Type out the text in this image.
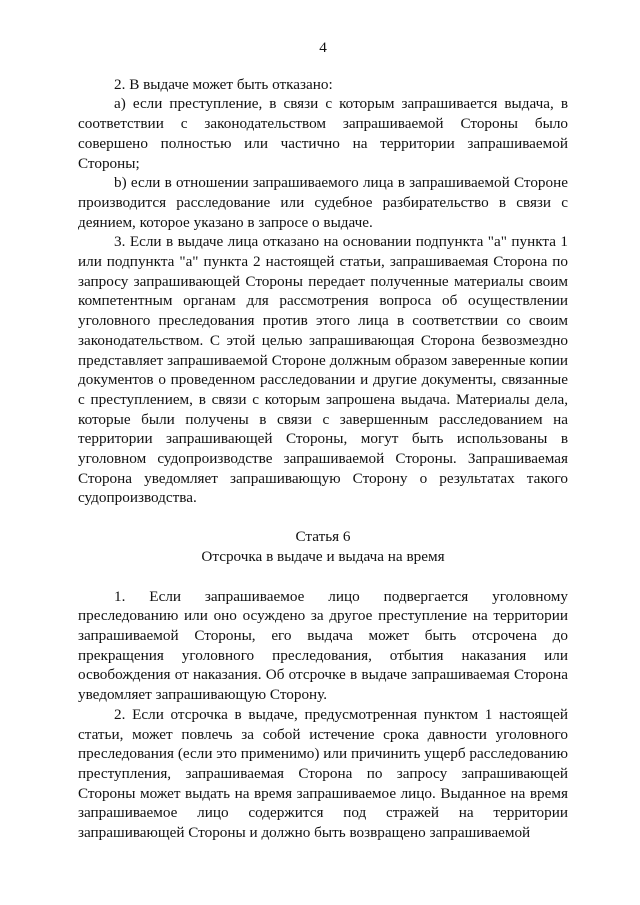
4

2. В выдаче может быть отказано:

а) если преступление, в связи с которым запрашивается выдача, в соответствии с законодательством запрашиваемой Стороны было совершено полностью или частично на территории запрашиваемой Стороны;

b) если в отношении запрашиваемого лица в запрашиваемой Стороне производится расследование или судебное разбирательство в связи с деянием, которое указано в запросе о выдаче.

3. Если в выдаче лица отказано на основании подпункта "а" пункта 1 или подпункта "а" пункта 2 настоящей статьи, запрашиваемая Сторона по запросу запрашивающей Стороны передает полученные материалы своим компетентным органам для рассмотрения вопроса об осуществлении уголовного преследования против этого лица в соответствии со своим законодательством. С этой целью запрашивающая Сторона безвозмездно представляет запрашиваемой Стороне должным образом заверенные копии документов о проведенном расследовании и другие документы, связанные с преступлением, в связи с которым запрошена выдача. Материалы дела, которые были получены в связи с завершенным расследованием на территории запрашивающей Стороны, могут быть использованы в уголовном судопроизводстве запрашиваемой Стороны. Запрашиваемая Сторона уведомляет запрашивающую Сторону о результатах такого судопроизводства.

Статья 6

Отсрочка в выдаче и выдача на время

1. Если запрашиваемое лицо подвергается уголовному преследованию или оно осуждено за другое преступление на территории запрашиваемой Стороны, его выдача может быть отсрочена до прекращения уголовного преследования, отбытия наказания или освобождения от наказания. Об отсрочке в выдаче запрашиваемая Сторона уведомляет запрашивающую Сторону.

2. Если отсрочка в выдаче, предусмотренная пунктом 1 настоящей статьи, может повлечь за собой истечение срока давности уголовного преследования (если это применимо) или причинить ущерб расследованию преступления, запрашиваемая Сторона по запросу запрашивающей Стороны может выдать на время запрашиваемое лицо. Выданное на время запрашиваемое лицо содержится под стражей на территории запрашивающей Стороны и должно быть возвращено запрашиваемой
